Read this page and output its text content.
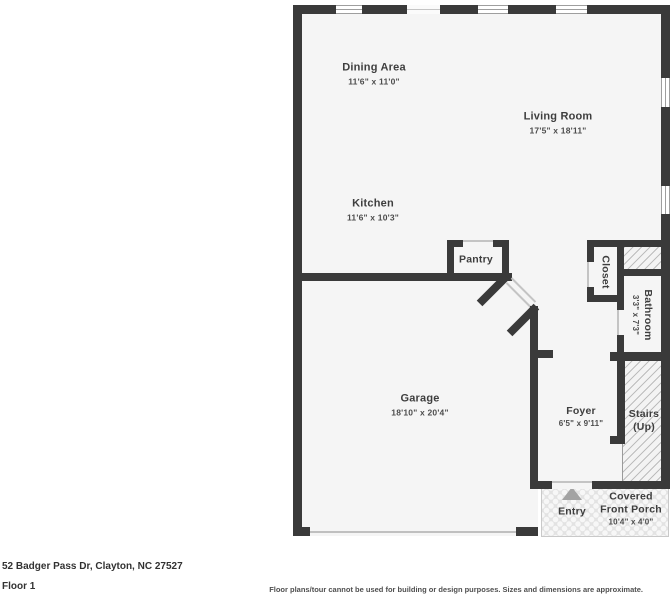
Dining Area
11'6" x 11'0"
Living Room
17'5" x 18'11"
Kitchen
11'6" x 10'3"
Pantry	Closet
Bathroom
3'3" x 7'3"
Garage
18'10" x 20'4"	Foyer
6'5" x 9'11"
Stairs
(Up)
Entry
Covered
Front Porch
10'4" x 4'0"
52 Badger Pass Dr, Clayton, NC 27527
Floor 1	Floor plans/tour cannot be used for building or design purposes. Sizes and dimensions are approximate.
